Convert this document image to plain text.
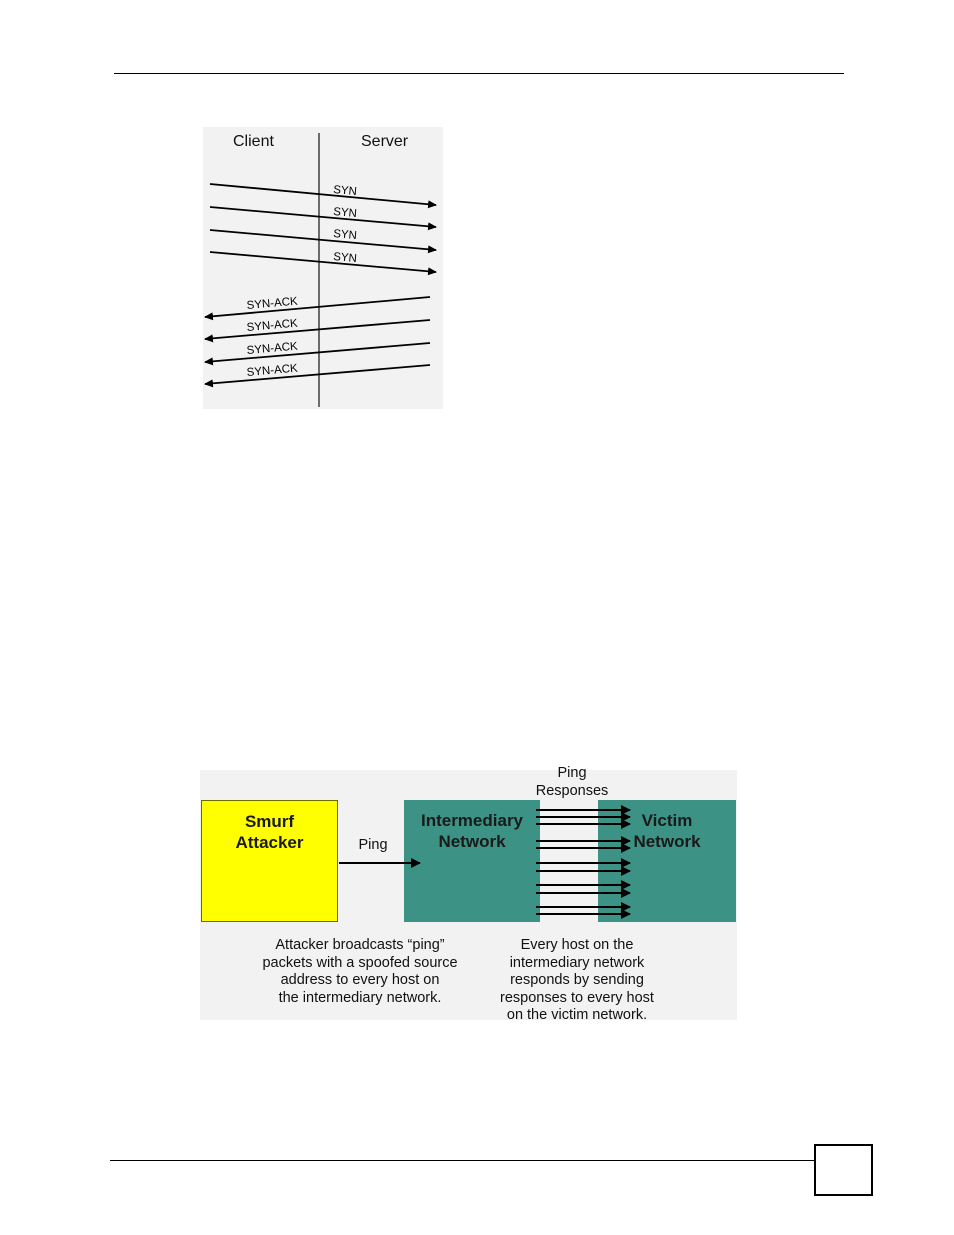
SYN
SYN
SYN
SYN
SYN-ACK
SYN-ACK
SYN-ACK
SYN-ACK
Client	Server
Smurf
Attacker
Intermediary
Network
Victim
Network
Ping
Ping
Responses
Attacker broadcasts “ping”
packets with a spoofed source
address to every host on
the intermediary network.
Every host on the
intermediary network
responds by sending
responses to every host
on the victim network.
